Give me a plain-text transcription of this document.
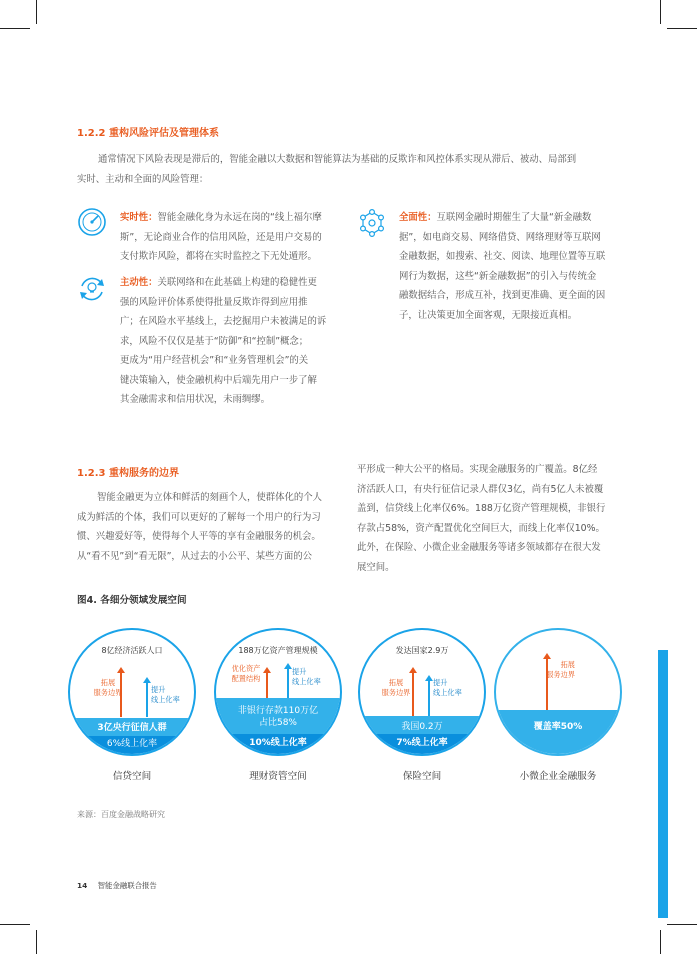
1.2.2 重构风险评估及管理体系
通常情况下风险表现是滞后的，智能金融以大数据和智能算法为基础的反欺诈和风控体系实现从滞后、被动、局部到
实时、主动和全面的风险管理：
实时性：智能金融化身为永远在岗的“线上福尔摩
斯”，无论商业合作的信用风险，还是用户交易的
支付欺诈风险，都将在实时监控之下无处遁形。
主动性：关联网络和在此基础上构建的稳健性更
强的风险评价体系使得批量反欺诈得到应用推
广；在风险水平基线上，去挖掘用户未被满足的诉
求，风险不仅仅是基于“防御”和“控制”概念；
更成为“用户经营机会”和“业务管理机会”的关
键决策输入，使金融机构中后端先用户一步了解
其金融需求和信用状况，未雨绸缪。
全面性：互联网金融时期催生了大量“新金融数
据”，如电商交易、网络借贷、网络理财等互联网
金融数据，如搜索、社交、阅读、地理位置等互联
网行为数据，这些“新金融数据”的引入与传统金
融数据结合，形成互补，找到更准确、更全面的因
子，让决策更加全面客观，无限接近真相。
1.2.3 重构服务的边界
智能金融更为立体和鲜活的刻画个人，使群体化的个人
成为鲜活的个体，我们可以更好的了解每一个用户的行为习
惯、兴趣爱好等，使得每个人平等的享有金融服务的机会。
从“看不见”到“看无限”，从过去的小公平、某些方面的公
平形成一种大公平的格局。实现金融服务的广覆盖。8亿经
济活跃人口，有央行征信记录人群仅3亿，尚有5亿人未被覆
盖到，信贷线上化率仅6%。188万亿资产管理规模，非银行
存款占58%，资产配置优化空间巨大，而线上化率仅10%。
此外，在保险、小微企业金融服务等诸多领域都存在很大发
展空间。
图4. 各细分领域发展空间
8亿经济活跃人口
拓展
服务边界	提升
线上化率
3亿央行征信人群
6%线上化率
信贷空间
188万亿资产管理规模
优化资产
配置结构
提升
线上化率
非银行存款110万亿
占比58%
10%线上化率
理财资管空间
发达国家2.9万
拓展
服务边界
提升
线上化率
我国0.2万
7%线上化率
保险空间
拓展
服务边界
覆盖率50%
小微企业金融服务
来源：百度金融战略研究
14 智能金融联合报告
